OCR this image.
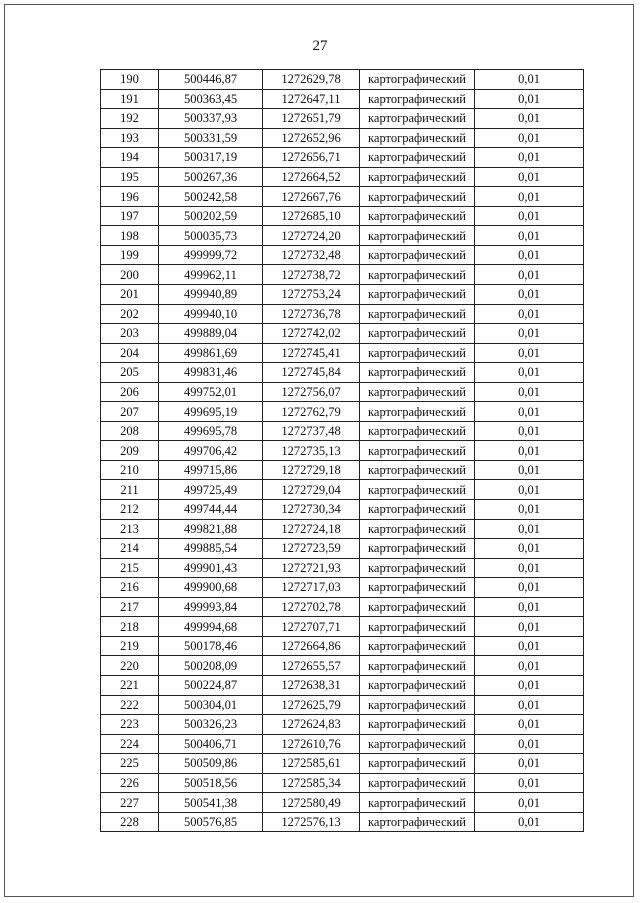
27
190	500446,87	1272629,78	картографический	0,01
191	500363,45	1272647,11	картографический	0,01
192	500337,93	1272651,79	картографический	0,01
193	500331,59	1272652,96	картографический	0,01
194	500317,19	1272656,71	картографический	0,01
195	500267,36	1272664,52	картографический	0,01
196	500242,58	1272667,76	картографический	0,01
197	500202,59	1272685,10	картографический	0,01
198	500035,73	1272724,20	картографический	0,01
199	499999,72	1272732,48	картографический	0,01
200	499962,11	1272738,72	картографический	0,01
201	499940,89	1272753,24	картографический	0,01
202	499940,10	1272736,78	картографический	0,01
203	499889,04	1272742,02	картографический	0,01
204	499861,69	1272745,41	картографический	0,01
205	499831,46	1272745,84	картографический	0,01
206	499752,01	1272756,07	картографический	0,01
207	499695,19	1272762,79	картографический	0,01
208	499695,78	1272737,48	картографический	0,01
209	499706,42	1272735,13	картографический	0,01
210	499715,86	1272729,18	картографический	0,01
211	499725,49	1272729,04	картографический	0,01
212	499744,44	1272730,34	картографический	0,01
213	499821,88	1272724,18	картографический	0,01
214	499885,54	1272723,59	картографический	0,01
215	499901,43	1272721,93	картографический	0,01
216	499900,68	1272717,03	картографический	0,01
217	499993,84	1272702,78	картографический	0,01
218	499994,68	1272707,71	картографический	0,01
219	500178,46	1272664,86	картографический	0,01
220	500208,09	1272655,57	картографический	0,01
221	500224,87	1272638,31	картографический	0,01
222	500304,01	1272625,79	картографический	0,01
223	500326,23	1272624,83	картографический	0,01
224	500406,71	1272610,76	картографический	0,01
225	500509,86	1272585,61	картографический	0,01
226	500518,56	1272585,34	картографический	0,01
227	500541,38	1272580,49	картографический	0,01
228	500576,85	1272576,13	картографический	0,01
